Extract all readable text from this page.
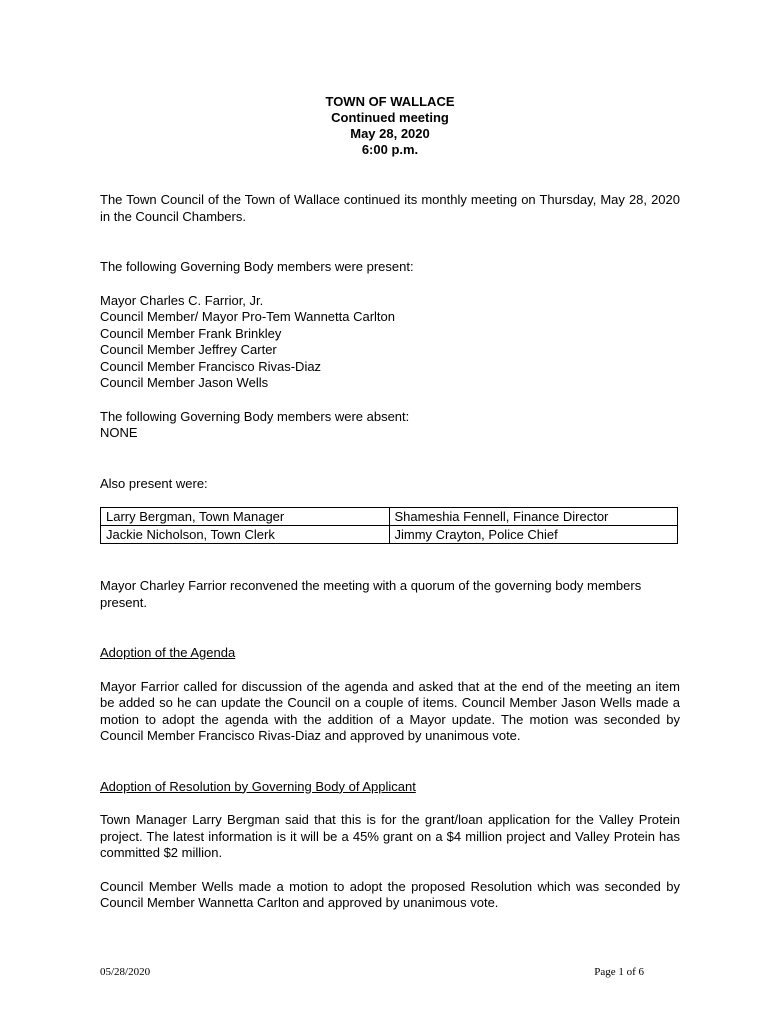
TOWN OF WALLACE
Continued meeting
May 28, 2020
6:00 p.m.

The Town Council of the Town of Wallace continued its monthly meeting on Thursday, May 28, 2020 in the Council Chambers.

The following Governing Body members were present:

Mayor Charles C. Farrior, Jr.
Council Member/ Mayor Pro-Tem Wannetta Carlton
Council Member Frank Brinkley
Council Member Jeffrey Carter
Council Member Francisco Rivas-Diaz
Council Member Jason Wells

The following Governing Body members were absent:

NONE

Also present were:

Larry Bergman, Town Manager	Shameshia Fennell, Finance Director
Jackie Nicholson, Town Clerk	Jimmy Crayton, Police Chief

Mayor Charley Farrior reconvened the meeting with a quorum of the governing body members present.

Adoption of the Agenda

Mayor Farrior called for discussion of the agenda and asked that at the end of the meeting an item be added so he can update the Council on a couple of items. Council Member Jason Wells made a motion to adopt the agenda with the addition of a Mayor update. The motion was seconded by Council Member Francisco Rivas-Diaz and approved by unanimous vote.

Adoption of Resolution by Governing Body of Applicant

Town Manager Larry Bergman said that this is for the grant/loan application for the Valley Protein project. The latest information is it will be a 45% grant on a $4 million project and Valley Protein has committed $2 million.

Council Member Wells made a motion to adopt the proposed Resolution which was seconded by Council Member Wannetta Carlton and approved by unanimous vote.

05/28/2020	Page 1 of 6
